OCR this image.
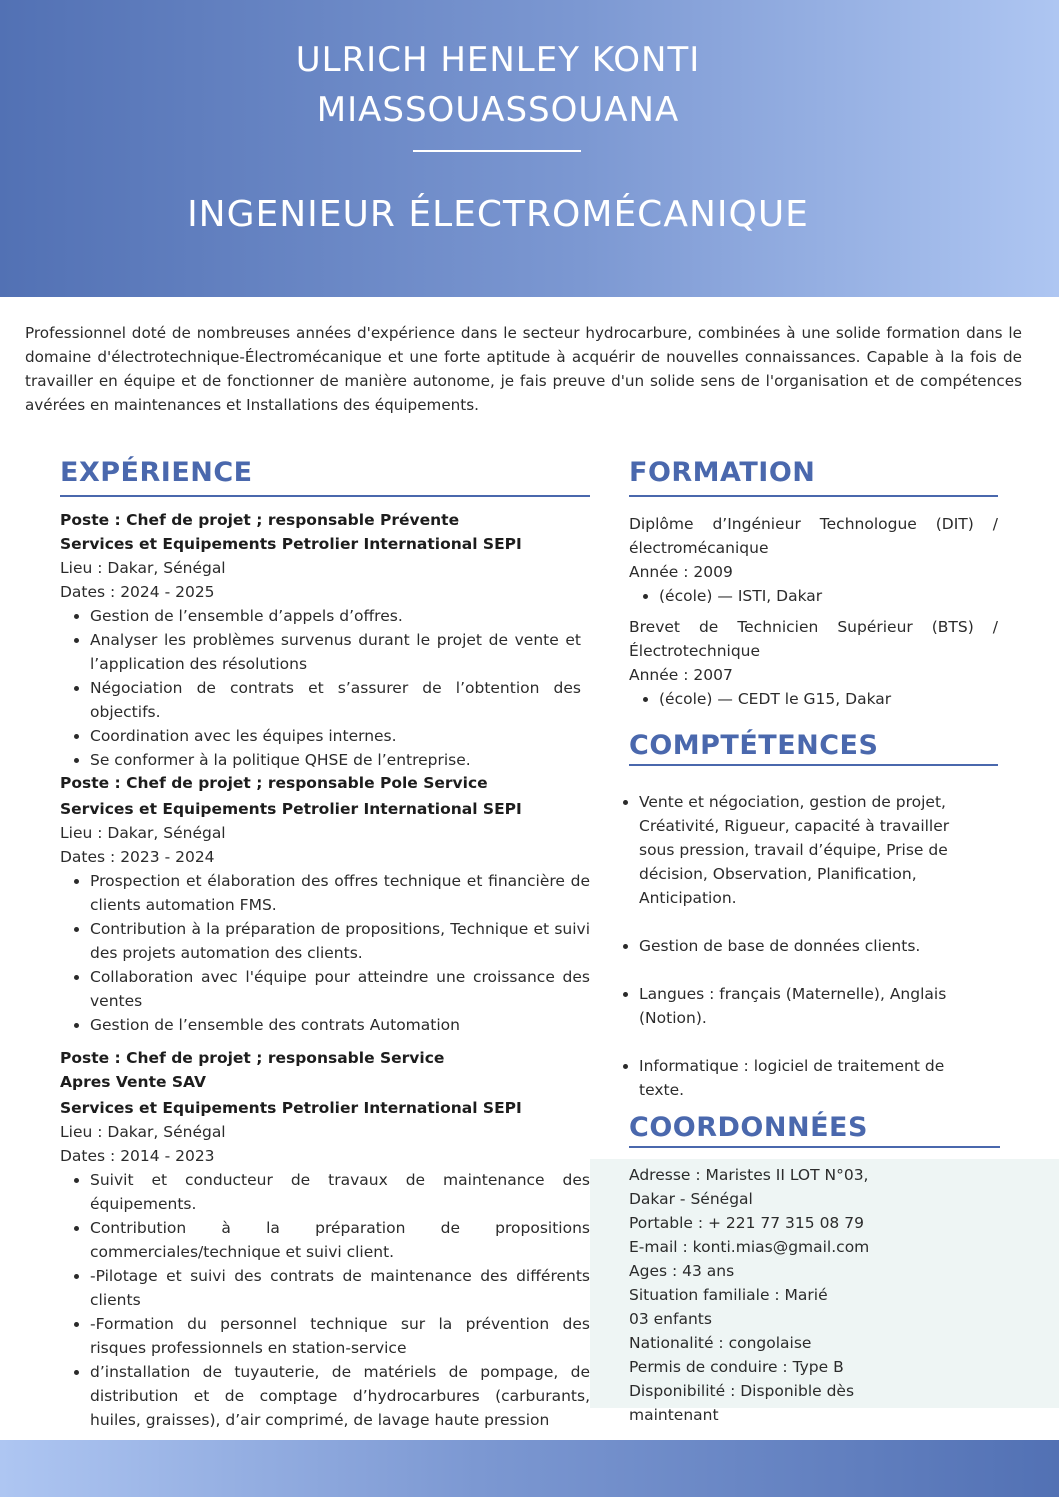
ULRICH HENLEY KONTI
MIASSOUASSOUANA
INGENIEUR ÉLECTROMÉCANIQUE

Professionnel doté de nombreuses années d'expérience dans le secteur hydrocarbure, combinées à une solide formation dans le domaine d'électrotechnique-Électromécanique et une forte aptitude à acquérir de nouvelles connaissances. Capable à la fois de travailler en équipe et de fonctionner de manière autonome, je fais preuve d'un solide sens de l'organisation et de compétences avérées en maintenances et Installations des équipements.

EXPÉRIENCE

Poste : Chef de projet ; responsable Prévente

Services et Equipements Petrolier International SEPI

Lieu : Dakar, Sénégal

Dates : 2024 - 2025

• Gestion de l’ensemble d’appels d’offres.
• Analyser les problèmes survenus durant le projet de vente et l’application des résolutions
• Négociation de contrats et s’assurer de l’obtention des objectifs.
• Coordination avec les équipes internes.
• Se conformer à la politique QHSE de l’entreprise.

Poste : Chef de projet ; responsable Pole Service

Services et Equipements Petrolier International SEPI

Lieu : Dakar, Sénégal

Dates : 2023 - 2024

• Prospection et élaboration des offres technique et financière de clients automation FMS.
• Contribution à la préparation de propositions, Technique et suivi des projets automation des clients.
• Collaboration avec l'équipe pour atteindre une croissance des ventes
• Gestion de l’ensemble des contrats Automation

Poste : Chef de projet ; responsable Service Apres Vente SAV

Services et Equipements Petrolier International SEPI

Lieu : Dakar, Sénégal

Dates : 2014 - 2023

• Suivit et conducteur de travaux de maintenance des équipements.
• Contribution à la préparation de propositions commerciales/technique et suivi client.
• -Pilotage et suivi des contrats de maintenance des différents clients
• -Formation du personnel technique sur la prévention des risques professionnels en station-service
• d’installation de tuyauterie, de matériels de pompage, de distribution et de comptage d’hydrocarbures (carburants, huiles, graisses), d’air comprimé, de lavage haute pression
FORMATION

Diplôme d’Ingénieur Technologue (DIT) / électromécanique

Année : 2009

• (école) — ISTI, Dakar

Brevet de Technicien Supérieur (BTS) / Électrotechnique

Année : 2007

• (école) — CEDT le G15, Dakar
COMPTÉTENCES
• Vente et négociation, gestion de projet, Créativité, Rigueur, capacité à travailler sous pression, travail d’équipe, Prise de décision, Observation, Planification, Anticipation.
• Gestion de base de données clients.
• Langues : français (Maternelle), Anglais (Notion).
• Informatique : logiciel de traitement de texte.
COORDONNÉES

Adresse : Maristes II LOT N°03,

Dakar - Sénégal

Portable : + 221 77 315 08 79

E-mail : konti.mias@gmail.com

Ages : 43 ans

Situation familiale : Marié

03 enfants

Nationalité : congolaise

Permis de conduire : Type B

Disponibilité : Disponible dès

maintenant
